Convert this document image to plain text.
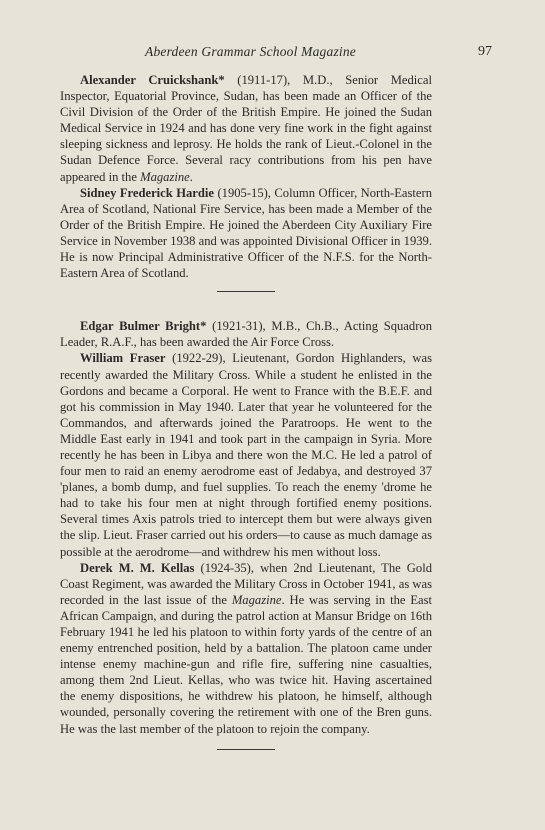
Aberdeen Grammar School Magazine	97

Alexander Cruickshank* (1911-17), M.D., Senior Medical Inspector, Equatorial Province, Sudan, has been made an Officer of the Civil Division of the Order of the British Empire. He joined the Sudan Medical Service in 1924 and has done very fine work in the fight against sleeping sickness and leprosy. He holds the rank of Lieut.-Colonel in the Sudan Defence Force. Several racy contributions from his pen have appeared in the Magazine.

Sidney Frederick Hardie (1905-15), Column Officer, North-Eastern Area of Scotland, National Fire Service, has been made a Member of the Order of the British Empire. He joined the Aberdeen City Auxiliary Fire Service in November 1938 and was appointed Divisional Officer in 1939. He is now Principal Administrative Officer of the N.F.S. for the North-Eastern Area of Scotland.

Edgar Bulmer Bright* (1921-31), M.B., Ch.B., Acting Squadron Leader, R.A.F., has been awarded the Air Force Cross.

William Fraser (1922-29), Lieutenant, Gordon Highlanders, was recently awarded the Military Cross. While a student he enlisted in the Gordons and became a Corporal. He went to France with the B.E.F. and got his commission in May 1940. Later that year he volunteered for the Commandos, and afterwards joined the Paratroops. He went to the Middle East early in 1941 and took part in the campaign in Syria. More recently he has been in Libya and there won the M.C. He led a patrol of four men to raid an enemy aerodrome east of Jedabya, and destroyed 37 'planes, a bomb dump, and fuel supplies. To reach the enemy 'drome he had to take his four men at night through fortified enemy positions. Several times Axis patrols tried to intercept them but were always given the slip. Lieut. Fraser carried out his orders—to cause as much damage as possible at the aerodrome—and withdrew his men without loss.

Derek M. M. Kellas (1924-35), when 2nd Lieutenant, The Gold Coast Regiment, was awarded the Military Cross in October 1941, as was recorded in the last issue of the Magazine. He was serving in the East African Campaign, and during the patrol action at Mansur Bridge on 16th February 1941 he led his platoon to within forty yards of the centre of an enemy entrenched position, held by a battalion. The platoon came under intense enemy machine-gun and rifle fire, suffering nine casualties, among them 2nd Lieut. Kellas, who was twice hit. Having ascertained the enemy dispositions, he withdrew his platoon, he himself, although wounded, personally covering the retirement with one of the Bren guns. He was the last member of the platoon to rejoin the company.
